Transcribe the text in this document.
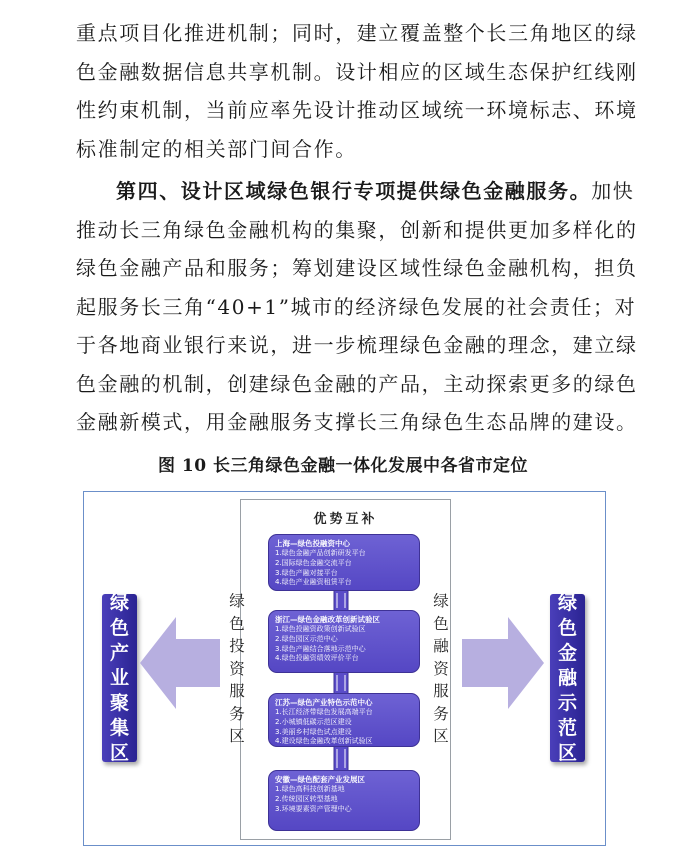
重点项目化推进机制；同时，建立覆盖整个长三角地区的绿
色金融数据信息共享机制。设计相应的区域生态保护红线刚
性约束机制，当前应率先设计推动区域统一环境标志、环境
标准制定的相关部门间合作。
第四、设计区域绿色银行专项提供绿色金融服务。加快
推动长三角绿色金融机构的集聚，创新和提供更加多样化的
绿色金融产品和服务；筹划建设区域性绿色金融机构，担负
起服务长三角“40+1”城市的经济绿色发展的社会责任；对
于各地商业银行来说，进一步梳理绿色金融的理念，建立绿
色金融的机制，创建绿色金融的产品，主动探索更多的绿色
金融新模式，用金融服务支撑长三角绿色生态品牌的建设。
图 10 长三角绿色金融一体化发展中各省市定位
绿色产业聚集区
优势互补
上海—绿色投融资中心
1.绿色金融产品创新研发平台
2.国际绿色金融交流平台
3.绿色产融对接平台
4.绿色产业融资租赁平台
浙江—绿色金融改革创新试验区
1.绿色投融资政策创新试验区
2.绿色园区示范中心
3.绿色产融结合落地示范中心
4.绿色投融资绩效评价平台
江苏—绿色产业特色示范中心
1.长江经济带绿色发展高端平台
2.小城镇低碳示范区建设
3.美丽乡村绿色试点建设
4.建设绿色金融改革创新试验区
安徽—绿色配套产业发展区
1.绿色高科技创新基地
2.传统园区转型基地
3.环境要素资产管理中心
绿色投资服务区
绿色融资服务区
绿色金融示范区
